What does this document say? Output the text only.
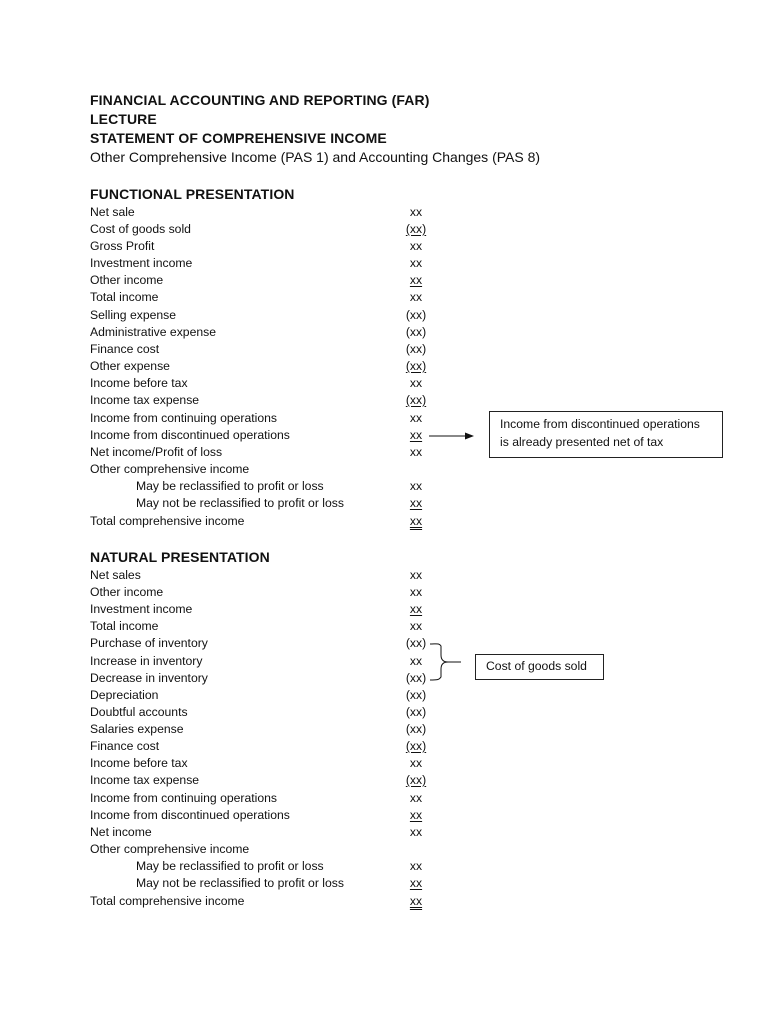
FINANCIAL ACCOUNTING AND REPORTING (FAR)
LECTURE
STATEMENT OF COMPREHENSIVE INCOME
Other Comprehensive Income (PAS 1) and Accounting Changes (PAS 8)
FUNCTIONAL PRESENTATION
Net sale	xx
Cost of goods sold	(xx)
Gross Profit	xx
Investment income	xx
Other income	xx
Total income	xx
Selling expense	(xx)
Administrative expense	(xx)
Finance cost	(xx)
Other expense	(xx)
Income before tax	xx
Income tax expense	(xx)
Income from continuing operations	xx
Income from discontinued operations	xx
Net income/Profit of loss	xx
Other comprehensive income
May be reclassified to profit or loss	xx
May not be reclassified to profit or loss	xx
Total comprehensive income	xx
Income from discontinued operations
is already presented net of tax
NATURAL PRESENTATION
Net sales	xx
Other income	xx
Investment income	xx
Total income	xx
Purchase of inventory	(xx)
Increase in inventory	xx
Decrease in inventory	(xx)
Depreciation	(xx)
Doubtful accounts	(xx)
Salaries expense	(xx)
Finance cost	(xx)
Income before tax	xx
Income tax expense	(xx)
Income from continuing operations	xx
Income from discontinued operations	xx
Net income	xx
Other comprehensive income
May be reclassified to profit or loss	xx
May not be reclassified to profit or loss	xx
Total comprehensive income	xx
Cost of goods sold
